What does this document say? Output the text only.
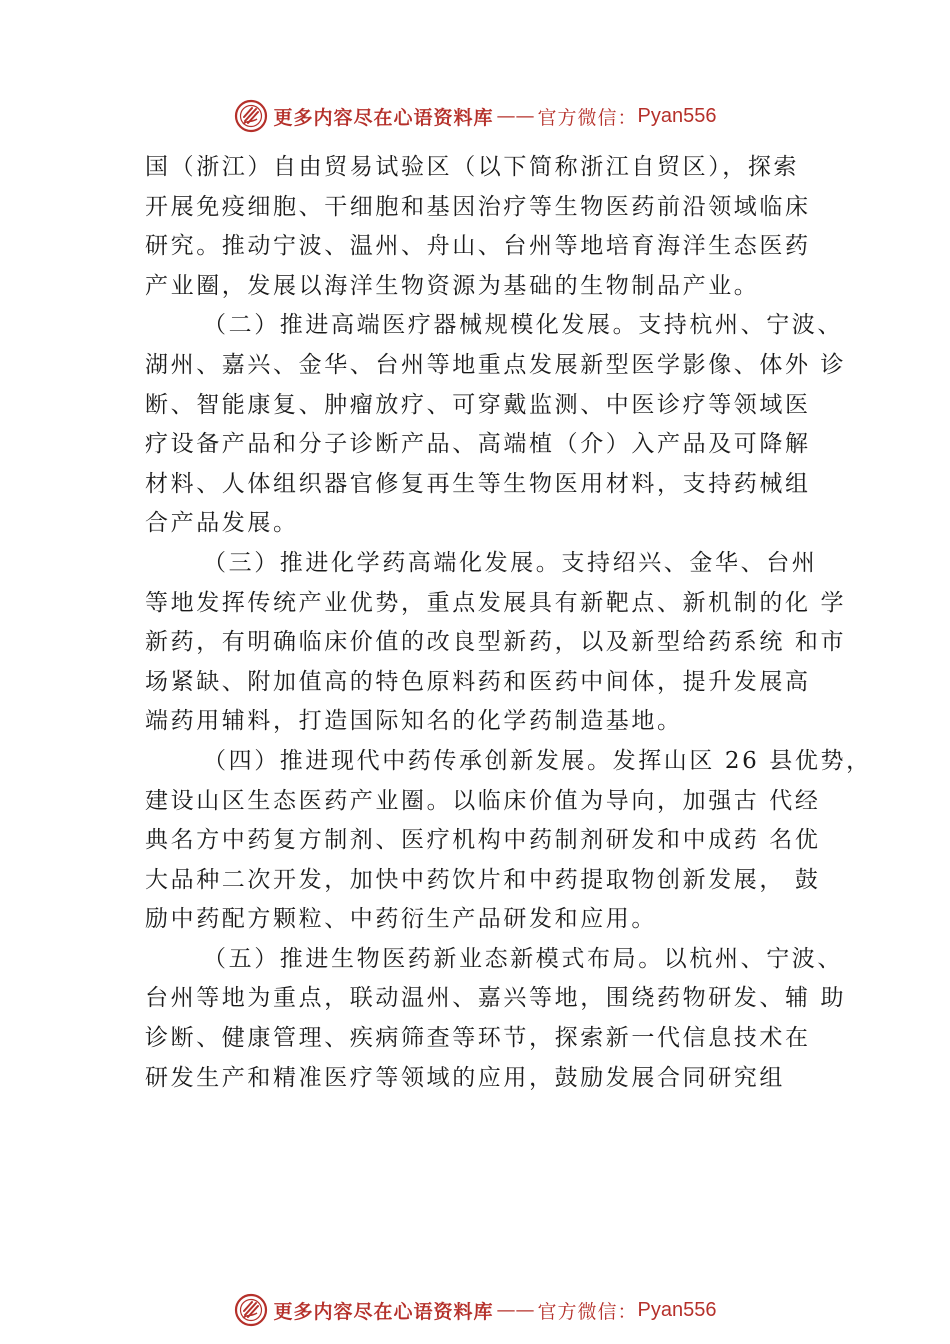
更多内容尽在心语资料库 —— 官方微信： Pyan556
国（浙江）自由贸易试验区（以下简称浙江自贸区），探索
开展免疫细胞、干细胞和基因治疗等生物医药前沿领域临床
研究。推动宁波、温州、舟山、台州等地培育海洋生态医药
产业圈，发展以海洋生物资源为基础的生物制品产业。
（二）推进高端医疗器械规模化发展。支持杭州、宁波、
湖州、嘉兴、金华、台州等地重点发展新型医学影像、体外 诊
断、智能康复、肿瘤放疗、可穿戴监测、中医诊疗等领域医
疗设备产品和分子诊断产品、高端植（介）入产品及可降解
材料、人体组织器官修复再生等生物医用材料，支持药械组
合产品发展。
（三）推进化学药高端化发展。支持绍兴、金华、台州
等地发挥传统产业优势，重点发展具有新靶点、新机制的化 学
新药，有明确临床价值的改良型新药，以及新型给药系统 和市
场紧缺、附加值高的特色原料药和医药中间体，提升发展高
端药用辅料，打造国际知名的化学药制造基地。
（四）推进现代中药传承创新发展。发挥山区 26 县优势，
建设山区生态医药产业圈。以临床价值为导向，加强古 代经
典名方中药复方制剂、医疗机构中药制剂研发和中成药 名优
大品种二次开发，加快中药饮片和中药提取物创新发展， 鼓
励中药配方颗粒、中药衍生产品研发和应用。
（五）推进生物医药新业态新模式布局。以杭州、宁波、
台州等地为重点，联动温州、嘉兴等地，围绕药物研发、辅 助
诊断、健康管理、疾病筛查等环节，探索新一代信息技术在
研发生产和精准医疗等领域的应用，鼓励发展合同研究组
更多内容尽在心语资料库 —— 官方微信： Pyan556
